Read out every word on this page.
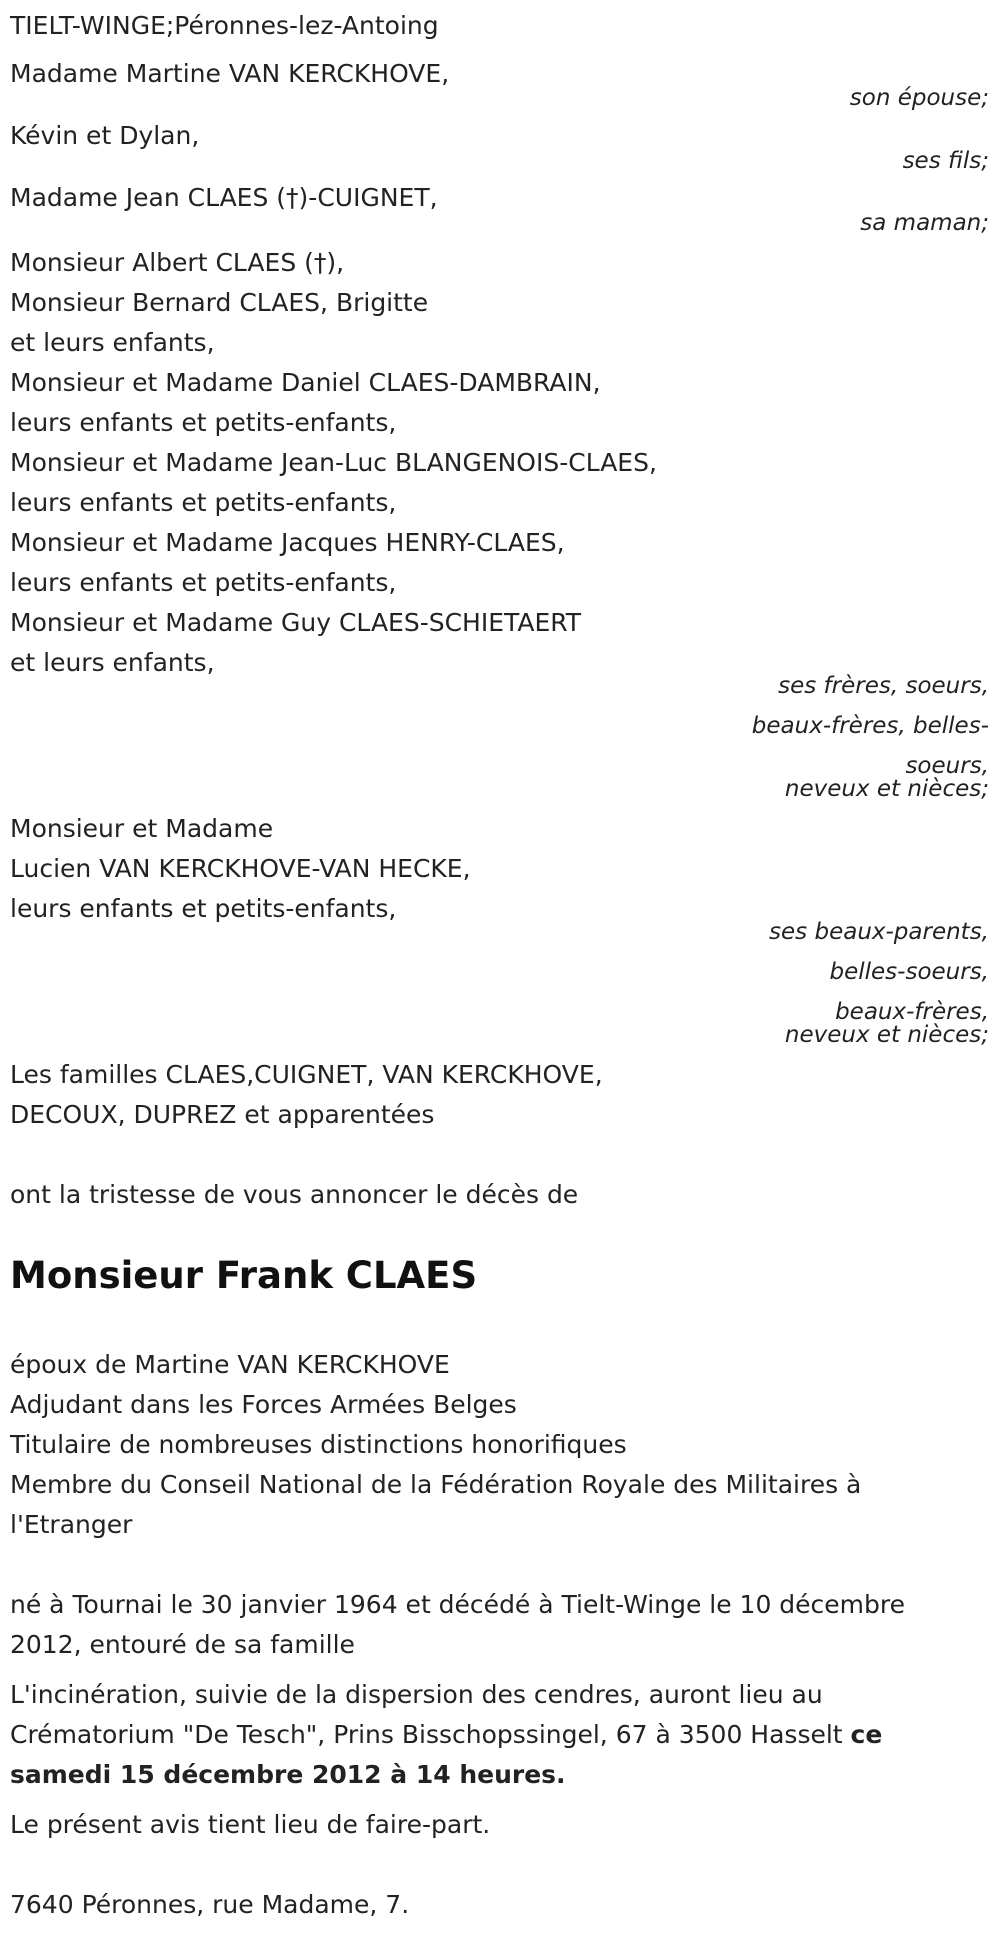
TIELT-WINGE;Péronnes-lez-Antoing
Madame Martine VAN KERCKHOVE,
son épouse;
Kévin et Dylan,
ses fils;
Madame Jean CLAES (†)-CUIGNET,
sa maman;
Monsieur Albert CLAES (†),
Monsieur Bernard CLAES, Brigitte
et leurs enfants,
Monsieur et Madame Daniel CLAES-DAMBRAIN,
leurs enfants et petits-enfants,
Monsieur et Madame Jean-Luc BLANGENOIS-CLAES,
leurs enfants et petits-enfants,
Monsieur et Madame Jacques HENRY-CLAES,
leurs enfants et petits-enfants,
Monsieur et Madame Guy CLAES-SCHIETAERT
et leurs enfants,
ses frères, soeurs,
beaux-frères, belles-
soeurs,
neveux et nièces;
Monsieur et Madame
Lucien VAN KERCKHOVE-VAN HECKE,
leurs enfants et petits-enfants,
ses beaux-parents,
belles-soeurs,
beaux-frères,
neveux et nièces;
Les familles CLAES,CUIGNET, VAN KERCKHOVE,
DECOUX, DUPREZ et apparentées
ont la tristesse de vous annoncer le décès de
Monsieur Frank CLAES
époux de Martine VAN KERCKHOVE
Adjudant dans les Forces Armées Belges
Titulaire de nombreuses distinctions honorifiques
Membre du Conseil National de la Fédération Royale des Militaires à
l'Etranger
né à Tournai le 30 janvier 1964 et décédé à Tielt-Winge le 10 décembre
2012, entouré de sa famille
L'incinération, suivie de la dispersion des cendres, auront lieu au
Crématorium "De Tesch", Prins Bisschopssingel, 67 à 3500 Hasselt ce
samedi 15 décembre 2012 à 14 heures.
Le présent avis tient lieu de faire-part.
7640 Péronnes, rue Madame, 7.
